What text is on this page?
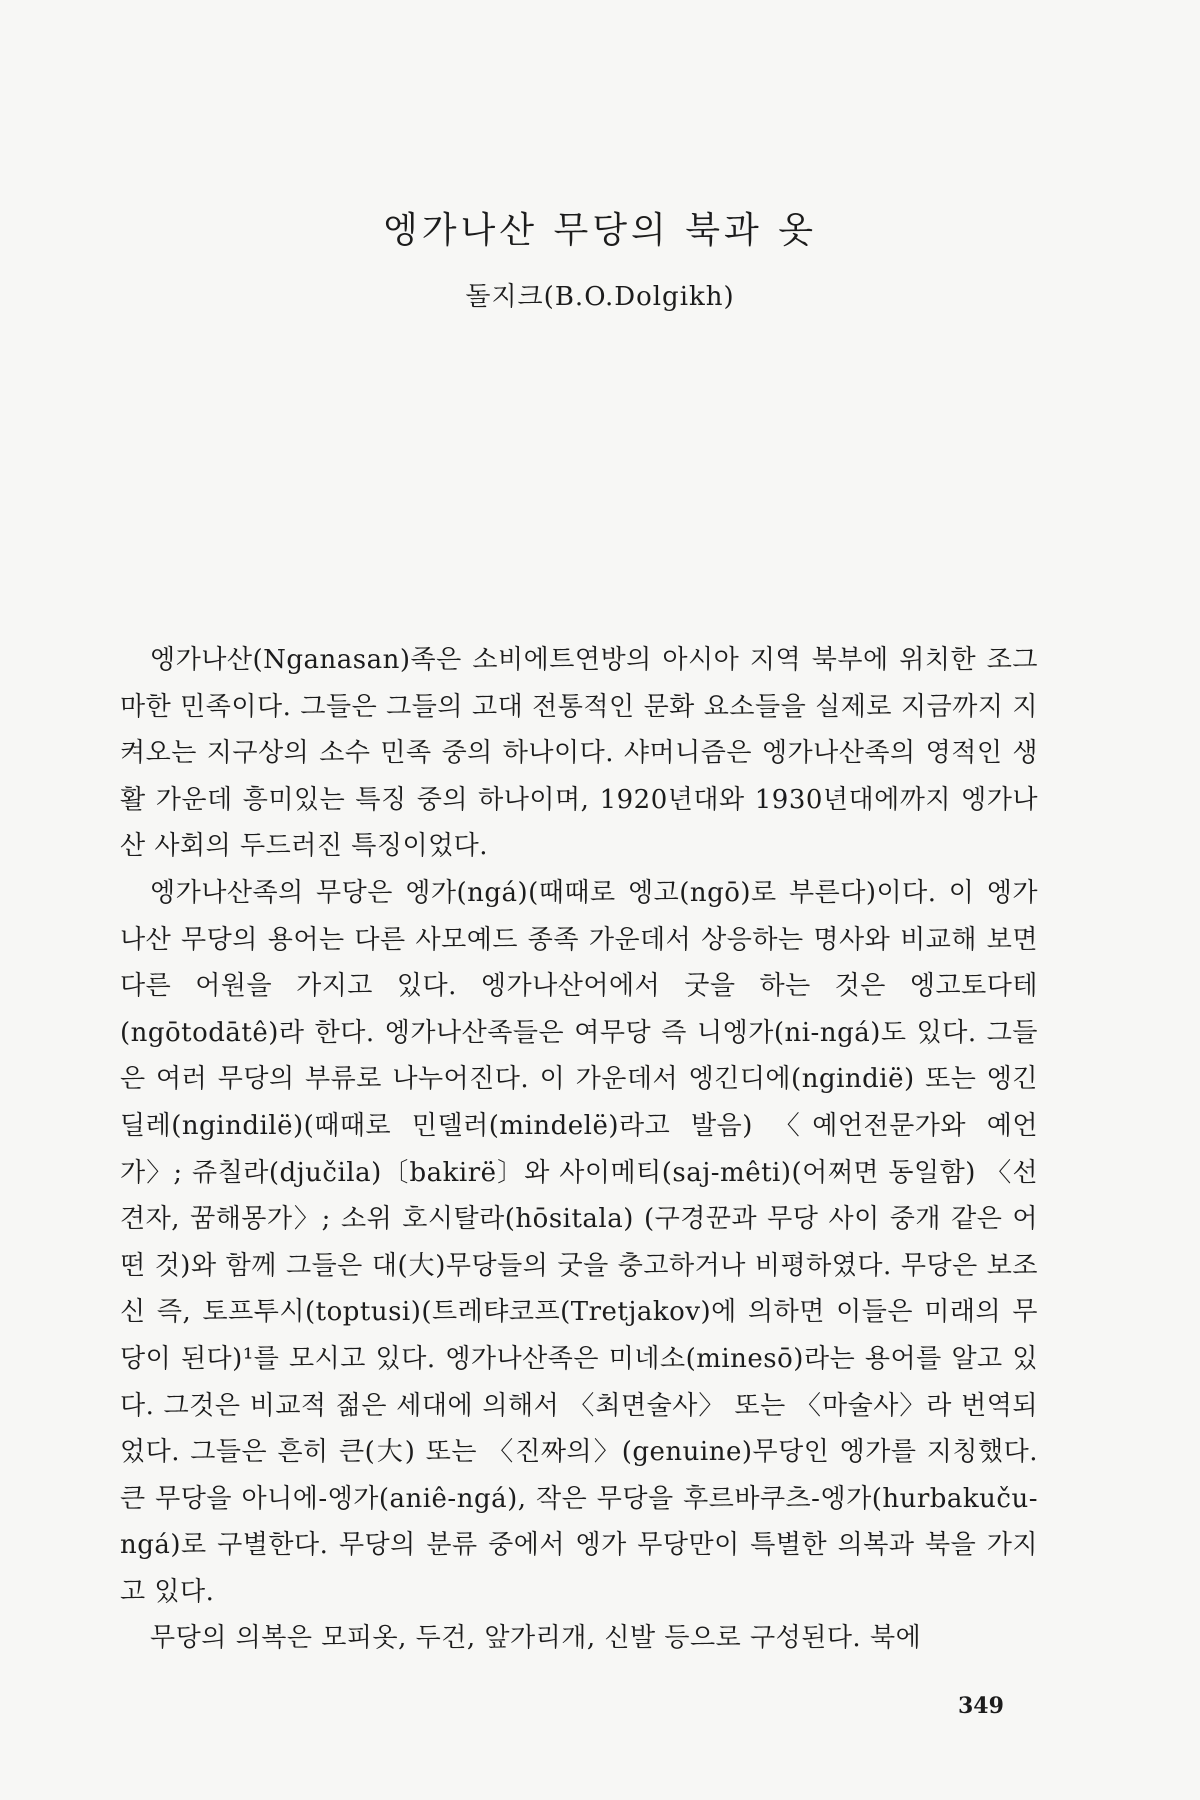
엥가나산 무당의 북과 옷
돌지크(B.O.Dolgikh)

엥가나산(Nganasan)족은 소비에트연방의 아시아 지역 북부에 위치한 조그마한 민족이다. 그들은 그들의 고대 전통적인 문화 요소들을 실제로 지금까지 지켜오는 지구상의 소수 민족 중의 하나이다. 샤머니즘은 엥가나산족의 영적인 생활 가운데 흥미있는 특징 중의 하나이며, 1920년대와 1930년대에까지 엥가나산 사회의 두드러진 특징이었다.

엥가나산족의 무당은 엥가(ngá)(때때로 엥고(ngō)로 부른다)이다. 이 엥가나산 무당의 용어는 다른 사모예드 종족 가운데서 상응하는 명사와 비교해 보면 다른 어원을 가지고 있다. 엥가나산어에서 굿을 하는 것은 엥고토다테(ngōtodātê)라 한다. 엥가나산족들은 여무당 즉 니엥가(ni-ngá)도 있다. 그들은 여러 무당의 부류로 나누어진다. 이 가운데서 엥긴디에(ngindië) 또는 엥긴딜레(ngindilë)(때때로 민델러(mindelë)라고 발음) 〈예언전문가와 예언가〉; 쥬칠라(djučila)〔bakirë〕와 사이메티(saj-mêti)(어쩌면 동일함) 〈선견자, 꿈해몽가〉; 소위 호시탈라(hōsitala) (구경꾼과 무당 사이 중개 같은 어떤 것)와 함께 그들은 대(大)무당들의 굿을 충고하거나 비평하였다. 무당은 보조신 즉, 토프투시(toptusi)(트레탸코프(Tretjakov)에 의하면 이들은 미래의 무당이 된다)¹를 모시고 있다. 엥가나산족은 미네소(minesō)라는 용어를 알고 있다. 그것은 비교적 젊은 세대에 의해서 〈최면술사〉 또는 〈마술사〉라 번역되었다. 그들은 흔히 큰(大) 또는 〈진짜의〉(genuine)무당인 엥가를 지칭했다. 큰 무당을 아니에-엥가(aniê-ngá), 작은 무당을 후르바쿠츠-엥가(hurbakuču-ngá)로 구별한다. 무당의 분류 중에서 엥가 무당만이 특별한 의복과 북을 가지고 있다.

무당의 의복은 모피옷, 두건, 앞가리개, 신발 등으로 구성된다. 북에

349
